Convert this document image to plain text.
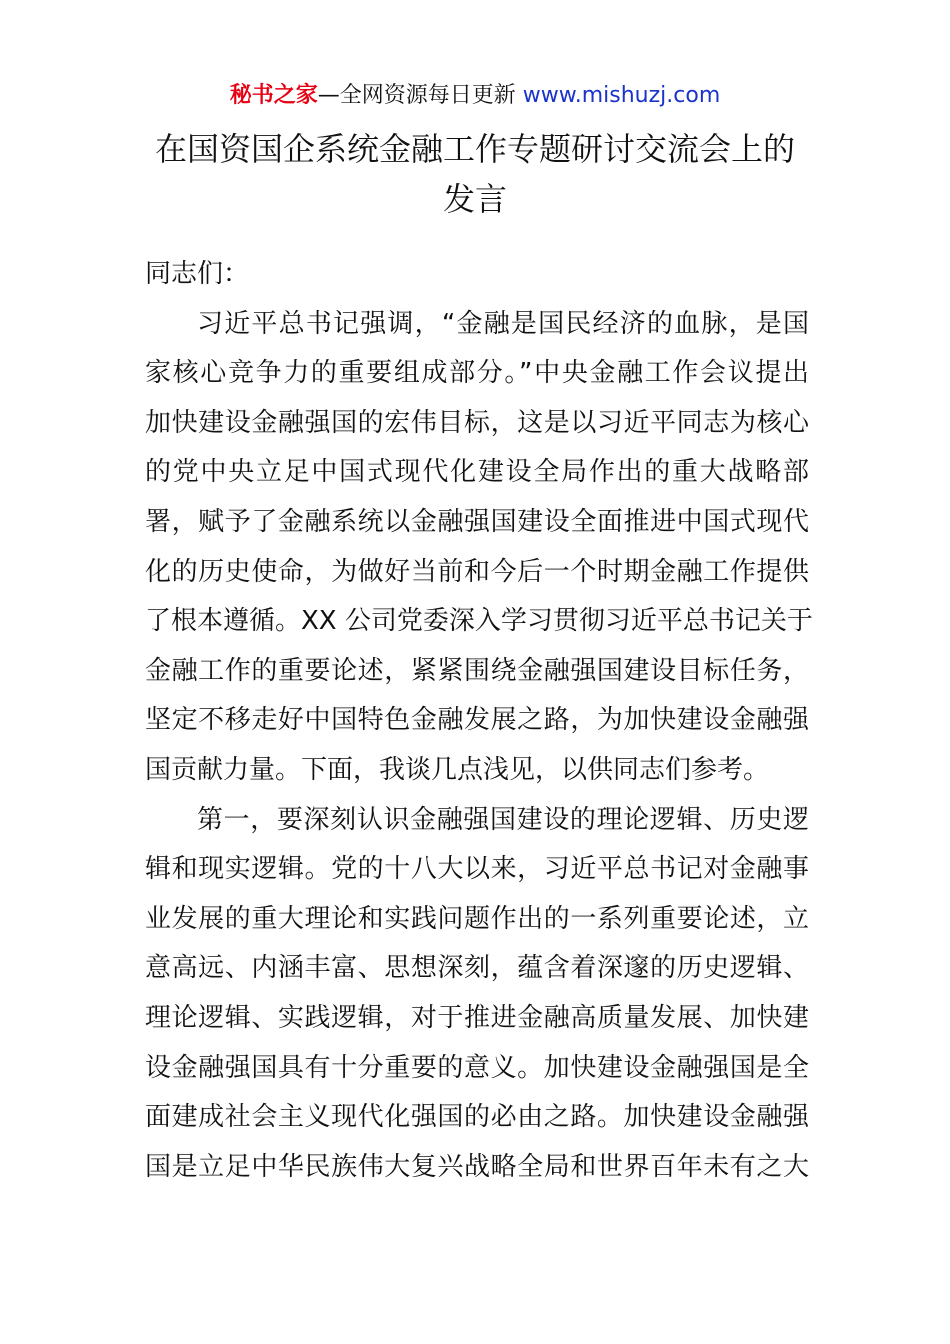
秘书之家—全网资源每日更新 www.mishuzj.com
在国资国企系统金融工作专题研讨交流会上的
发言
同志们：
习近平总书记强调，“金融是国民经济的血脉，是国
家核心竞争力的重要组成部分。”中央金融工作会议提出
加快建设金融强国的宏伟目标，这是以习近平同志为核心
的党中央立足中国式现代化建设全局作出的重大战略部
署，赋予了金融系统以金融强国建设全面推进中国式现代
化的历史使命，为做好当前和今后一个时期金融工作提供
了根本遵循。XX 公司党委深入学习贯彻习近平总书记关于
金融工作的重要论述，紧紧围绕金融强国建设目标任务，
坚定不移走好中国特色金融发展之路，为加快建设金融强
国贡献力量。下面，我谈几点浅见，以供同志们参考。
第一，要深刻认识金融强国建设的理论逻辑、历史逻
辑和现实逻辑。党的十八大以来，习近平总书记对金融事
业发展的重大理论和实践问题作出的一系列重要论述，立
意高远、内涵丰富、思想深刻，蕴含着深邃的历史逻辑、
理论逻辑、实践逻辑，对于推进金融高质量发展、加快建
设金融强国具有十分重要的意义。加快建设金融强国是全
面建成社会主义现代化强国的必由之路。加快建设金融强
国是立足中华民族伟大复兴战略全局和世界百年未有之大
